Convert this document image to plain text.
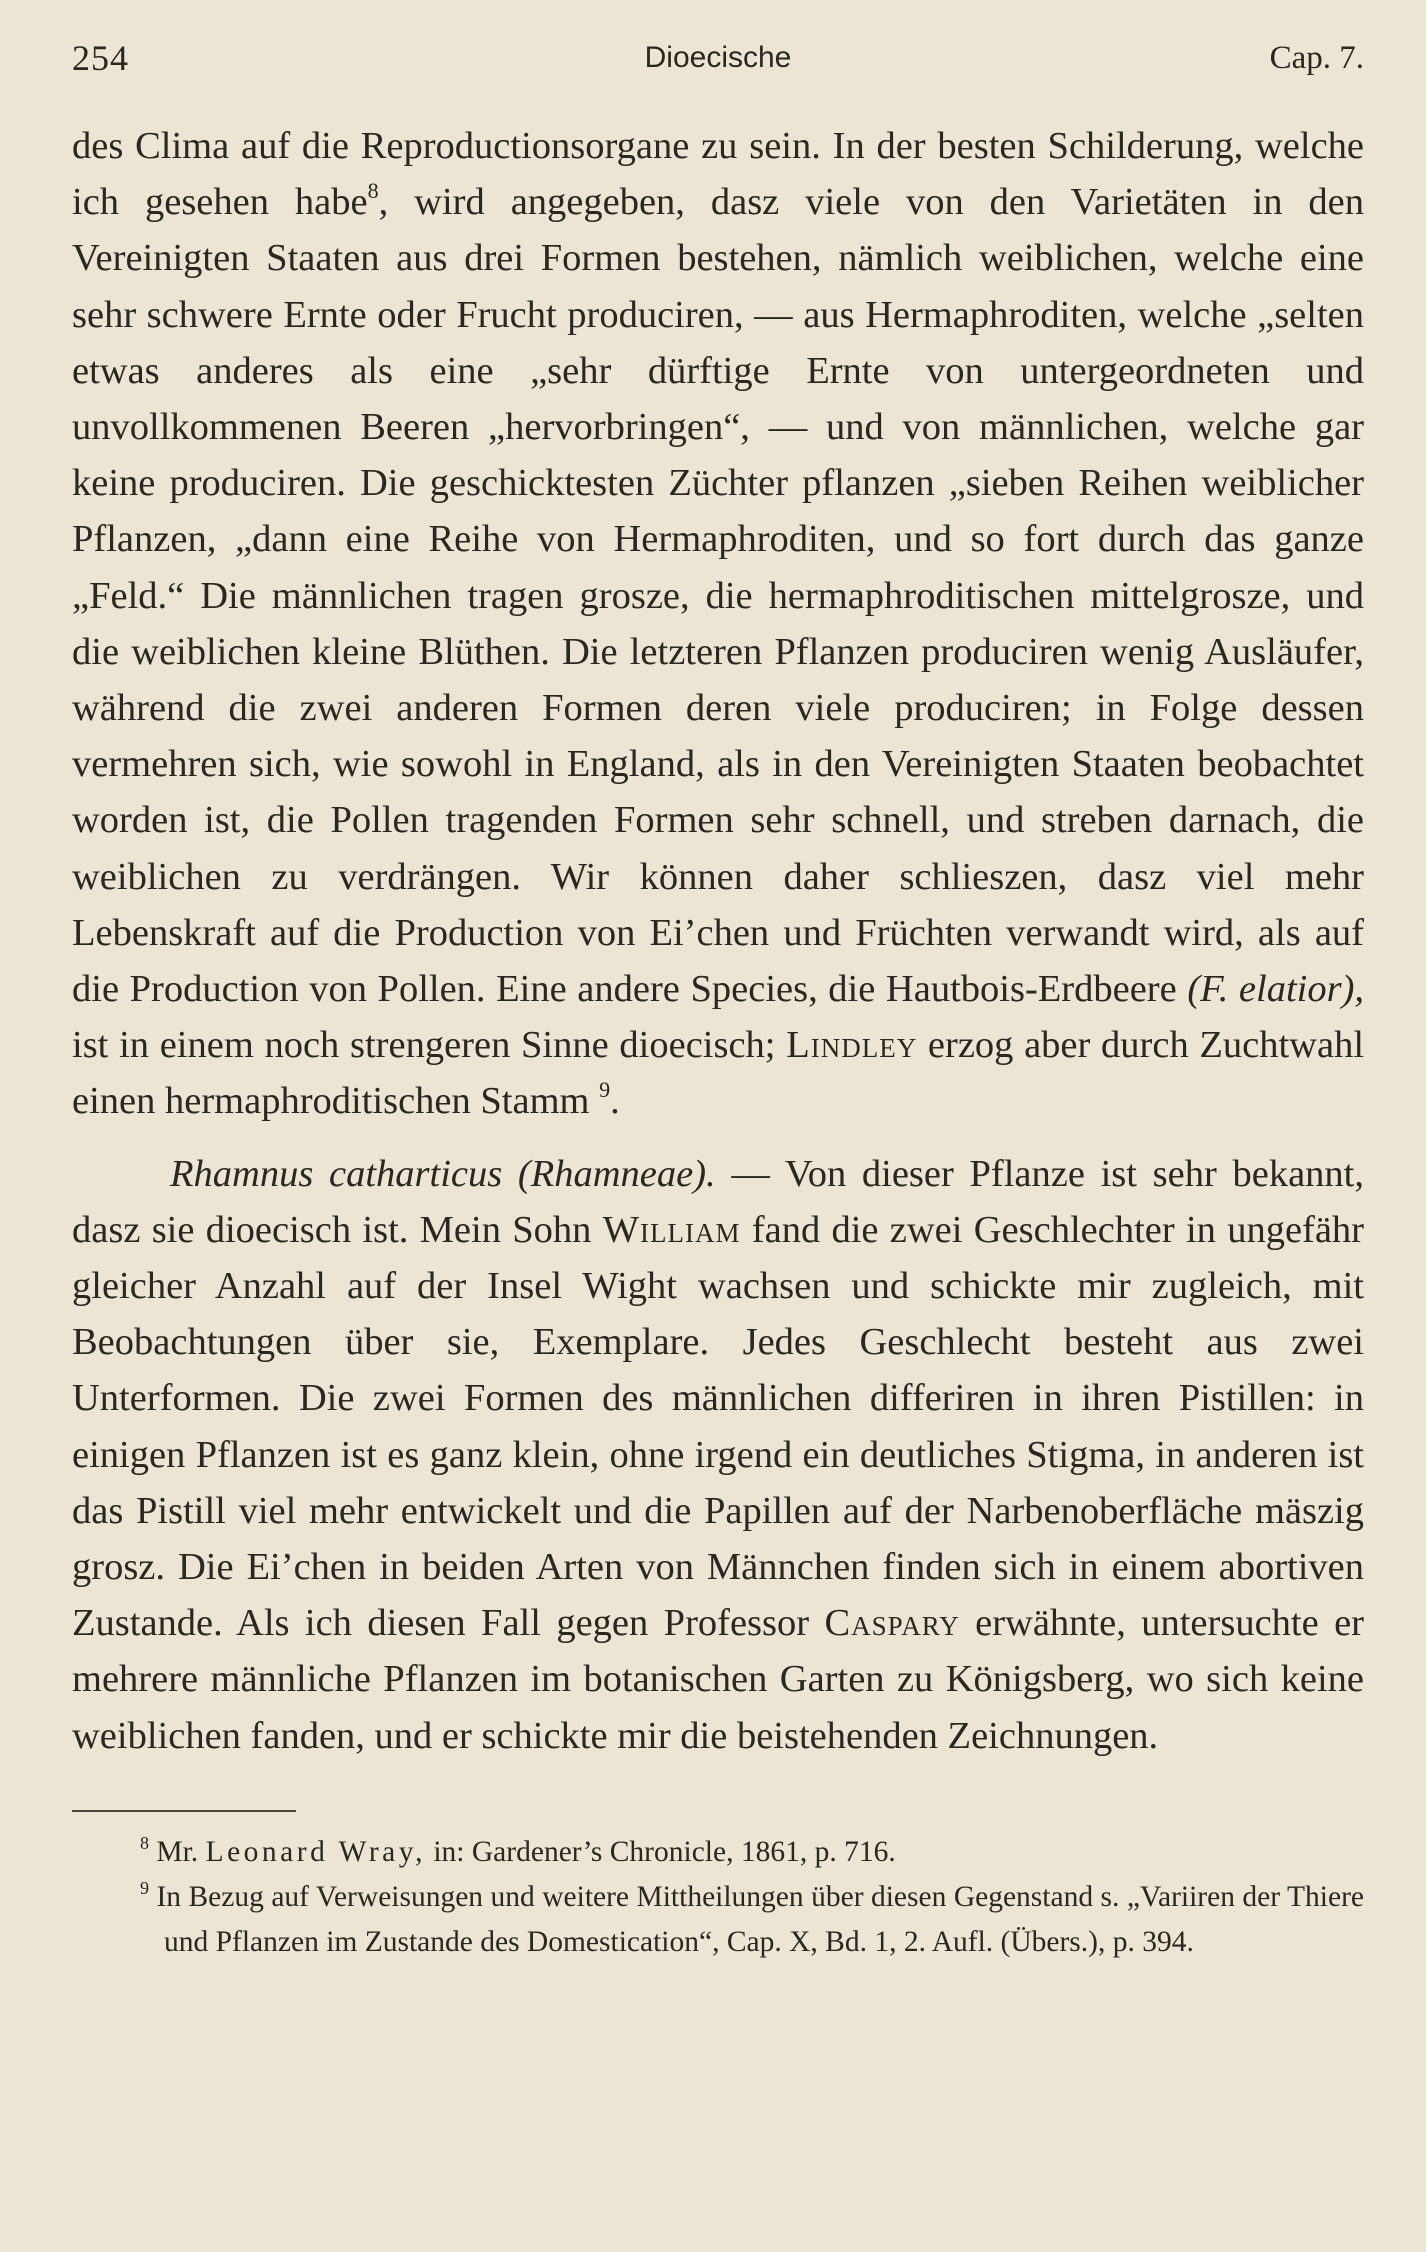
254	Dioecische	Cap. 7.

des Clima auf die Reproductionsorgane zu sein. In der besten Schilderung, welche ich gesehen habe$^8$, wird angegeben, dasz viele von den Varietäten in den Vereinigten Staaten aus drei Formen bestehen, nämlich weiblichen, welche eine sehr schwere Ernte oder Frucht produciren, — aus Hermaphroditen, welche „selten etwas anderes als eine „sehr dürftige Ernte von untergeordneten und unvollkommenen Beeren „hervorbringen“, — und von männlichen, welche gar keine produciren. Die geschicktesten Züchter pflanzen „sieben Reihen weiblicher Pflanzen, „dann eine Reihe von Hermaphroditen, und so fort durch das ganze „Feld.“ Die männlichen tragen grosze, die hermaphroditischen mittelgrosze, und die weiblichen kleine Blüthen. Die letzteren Pflanzen produciren wenig Ausläufer, während die zwei anderen Formen deren viele produciren; in Folge dessen vermehren sich, wie sowohl in England, als in den Vereinigten Staaten beobachtet worden ist, die Pollen tragenden Formen sehr schnell, und streben darnach, die weiblichen zu verdrängen. Wir können daher schlieszen, dasz viel mehr Lebenskraft auf die Production von Ei’chen und Früchten verwandt wird, als auf die Production von Pollen. Eine andere Species, die Hautbois-Erdbeere (F. elatior), ist in einem noch strengeren Sinne dioecisch; Lindley erzog aber durch Zuchtwahl einen hermaphroditischen Stamm $^9$.

Rhamnus catharticus (Rhamneae). — Von dieser Pflanze ist sehr bekannt, dasz sie dioecisch ist. Mein Sohn William fand die zwei Geschlechter in ungefähr gleicher Anzahl auf der Insel Wight wachsen und schickte mir zugleich, mit Beobachtungen über sie, Exemplare. Jedes Geschlecht besteht aus zwei Unterformen. Die zwei Formen des männlichen differiren in ihren Pistillen: in einigen Pflanzen ist es ganz klein, ohne irgend ein deutliches Stigma, in anderen ist das Pistill viel mehr entwickelt und die Papillen auf der Narbenoberfläche mäszig grosz. Die Ei’chen in beiden Arten von Männchen finden sich in einem abortiven Zustande. Als ich diesen Fall gegen Professor Caspary erwähnte, untersuchte er mehrere männliche Pflanzen im botanischen Garten zu Königsberg, wo sich keine weiblichen fanden, und er schickte mir die beistehenden Zeichnungen.

$^8$ Mr. Leonard Wray, in: Gardener’s Chronicle, 1861, p. 716.

$^9$ In Bezug auf Verweisungen und weitere Mittheilungen über diesen Gegenstand s. „Variiren der Thiere und Pflanzen im Zustande des Domestication“, Cap. X, Bd. 1, 2. Aufl. (Übers.), p. 394.
